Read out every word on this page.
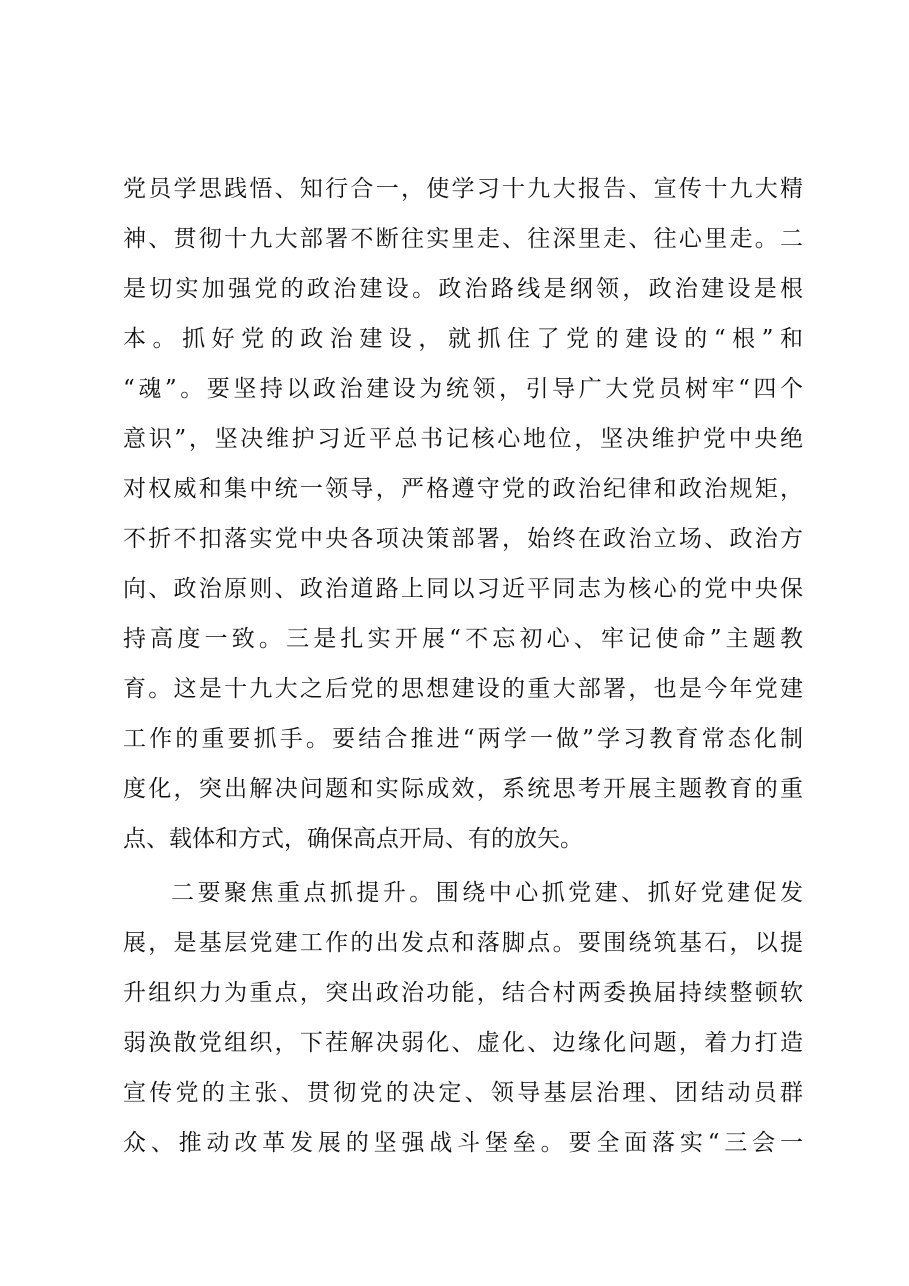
党员学思践悟、知行合一，使学习十九大报告、宣传十九大精
神、贯彻十九大部署不断往实里走、往深里走、往心里走。二
是切实加强党的政治建设。政治路线是纲领，政治建设是根
本。抓好党的政治建设，就抓住了党的建设的“根”和
“魂”。要坚持以政治建设为统领，引导广大党员树牢“四个
意识”，坚决维护习近平总书记核心地位，坚决维护党中央绝
对权威和集中统一领导，严格遵守党的政治纪律和政治规矩，
不折不扣落实党中央各项决策部署，始终在政治立场、政治方
向、政治原则、政治道路上同以习近平同志为核心的党中央保
持高度一致。三是扎实开展“不忘初心、牢记使命”主题教
育。这是十九大之后党的思想建设的重大部署，也是今年党建
工作的重要抓手。要结合推进“两学一做”学习教育常态化制
度化，突出解决问题和实际成效，系统思考开展主题教育的重
点、载体和方式，确保高点开局、有的放矢。
二要聚焦重点抓提升。围绕中心抓党建、抓好党建促发
展，是基层党建工作的出发点和落脚点。要围绕筑基石，以提
升组织力为重点，突出政治功能，结合村两委换届持续整顿软
弱涣散党组织，下茬解决弱化、虚化、边缘化问题，着力打造
宣传党的主张、贯彻党的决定、领导基层治理、团结动员群
众、推动改革发展的坚强战斗堡垒。要全面落实“三会一
